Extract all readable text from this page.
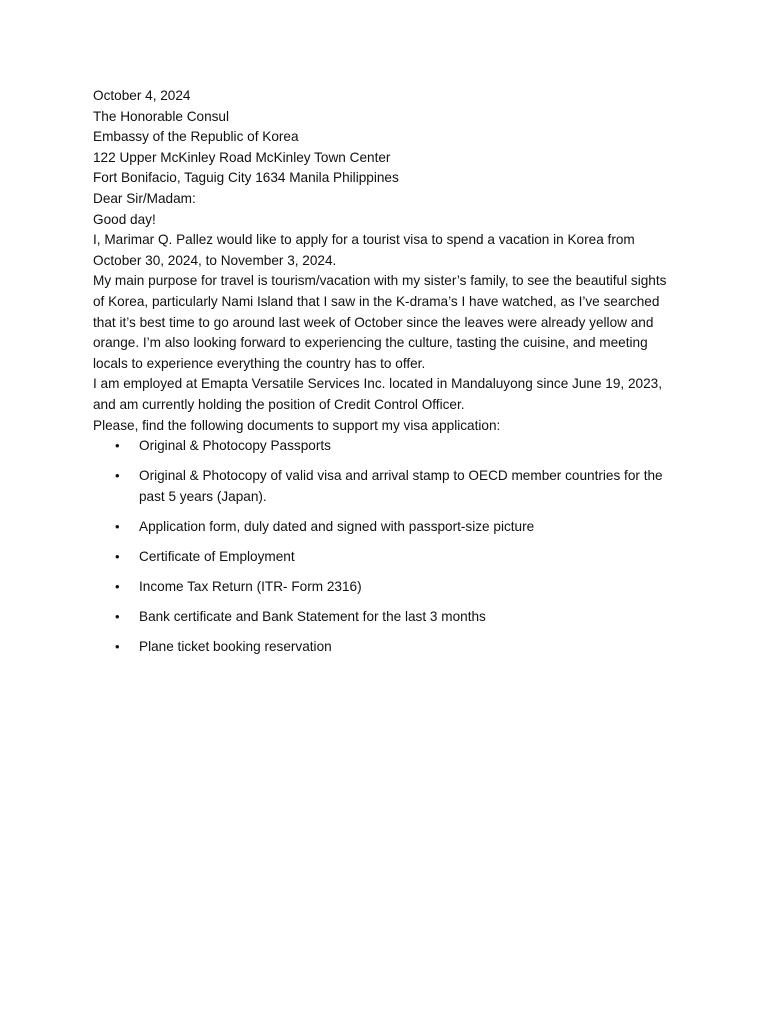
October 4, 2024

The Honorable Consul

Embassy of the Republic of Korea

122 Upper McKinley Road McKinley Town Center

Fort Bonifacio, Taguig City 1634 Manila Philippines

Dear Sir/Madam:

Good day!

I, Marimar Q. Pallez would like to apply for a tourist visa to spend a vacation in Korea from October 30, 2024, to November 3, 2024.

My main purpose for travel is tourism/vacation with my sister’s family, to see the beautiful sights of Korea, particularly Nami Island that I saw in the K-drama’s I have watched, as I’ve searched that it’s best time to go around last week of October since the leaves were already yellow and orange. I’m also looking forward to experiencing the culture, tasting the cuisine, and meeting locals to experience everything the country has to offer.

I am employed at Emapta Versatile Services Inc. located in Mandaluyong since June 19, 2023, and am currently holding the position of Credit Control Officer.

Please, find the following documents to support my visa application:

• Original & Photocopy Passports
• Original & Photocopy of valid visa and arrival stamp to OECD member countries for the past 5 years (Japan).
• Application form, duly dated and signed with passport-size picture
• Certificate of Employment
• Income Tax Return (ITR- Form 2316)
• Bank certificate and Bank Statement for the last 3 months
• Plane ticket booking reservation
